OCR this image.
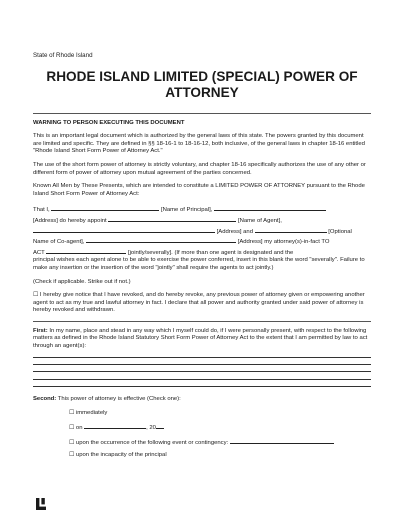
State of Rhode Island
RHODE ISLAND LIMITED (SPECIAL) POWER OF ATTORNEY
WARNING TO PERSON EXECUTING THIS DOCUMENT

This is an important legal document which is authorized by the general laws of this state. The powers granted by this document are limited and specific. They are defined in §§ 18-16-1 to 18-16-12, both inclusive, of the general laws in chapter 18-16 entitled "Rhode Island Short Form Power of Attorney Act."

The use of the short form power of attorney is strictly voluntary, and chapter 18-16 specifically authorizes the use of any other or different form of power of attorney upon mutual agreement of the parties concerned.

Known All Men by These Presents, which are intended to constitute a LIMITED POWER OF ATTORNEY pursuant to the Rhode Island Short Form Power of Attorney Act:

That I,	[Name of Principal],
[Address] do hereby appoint	[Name of Agent],
[Address] and	[Optional
Name of Co-agent],	[Address] my attorney(s)-in-fact TO
ACT	[jointly/severally]. (If more than one agent is designated and the
principal wishes each agent alone to be able to exercise the power conferred, insert in this blank the word "severally". Failure to make any insertion or the insertion of the word "jointly" shall require the agents to act jointly.)

(Check if applicable. Strike out if not.)

☐ I hereby give notice that I have revoked, and do hereby revoke, any previous power of attorney given or empowering another agent to act as my true and lawful attorney in fact. I declare that all power and authority granted under said power of attorney is hereby revoked and withdrawn.

First: In my name, place and stead in any way which I myself could do, if I were personally present, with respect to the following matters as defined in the Rhode Island Statutory Short Form Power of Attorney Act to the extent that I am permitted by law to act through an agent(s):

Second: This power of attorney is effective (Check one):

☐ immediately
☐ on	, 20
☐ upon the occurrence of the following event or contingency:
☐ upon the incapacity of the principal
